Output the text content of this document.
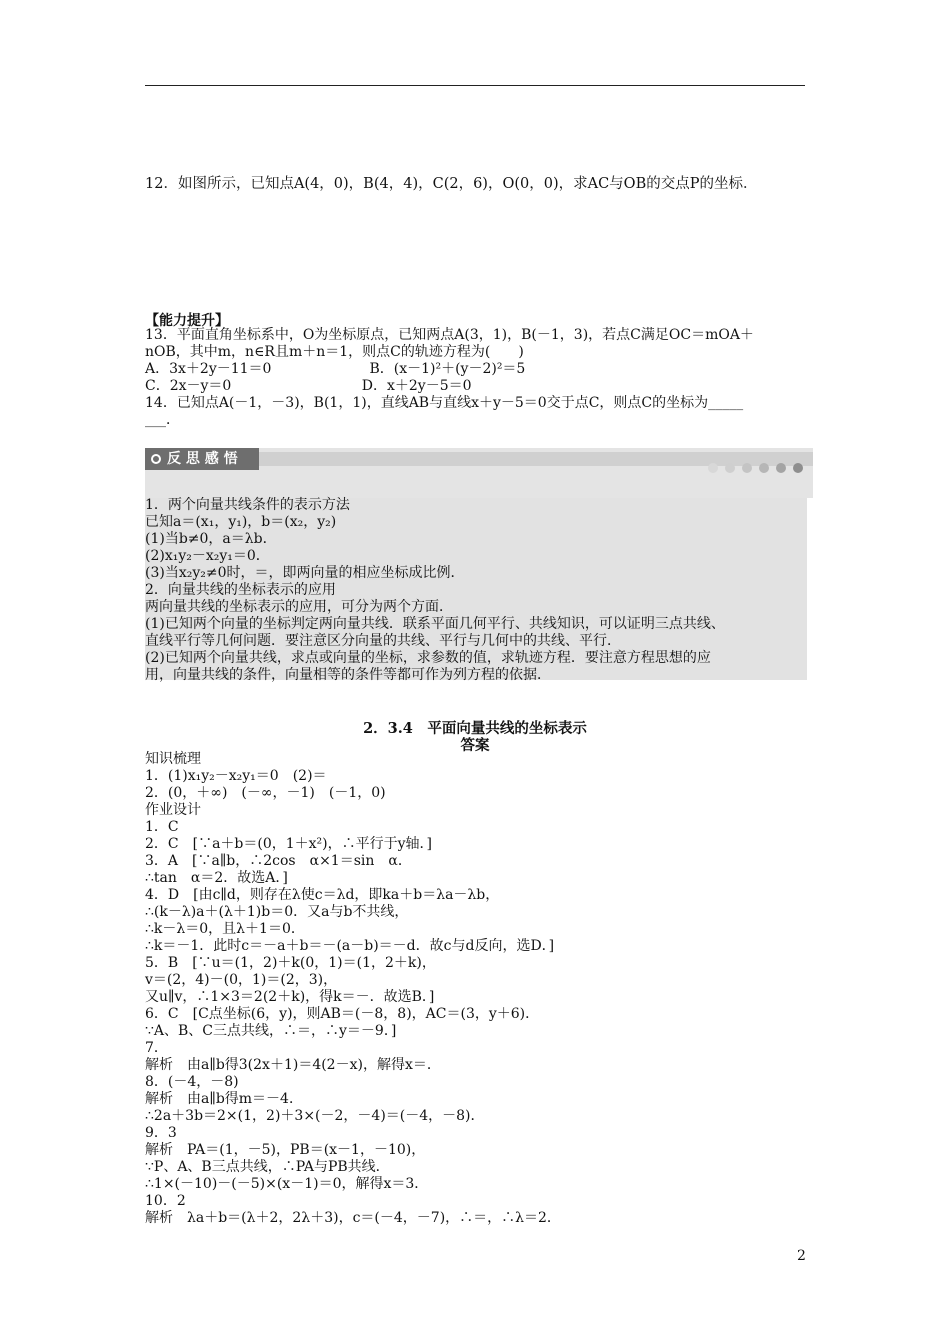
12．如图所示，已知点A(4，0)，B(4，4)，C(2，6)，O(0，0)，求AC与OB的交点P的坐标．
【能力提升】
13．平面直角坐标系中，O为坐标原点，已知两点A(3，1)，B(－1，3)，若点C满足OC＝mOA＋
nOB，其中m，n∈R且m＋n＝1，则点C的轨迹方程为(　　)
A．3x＋2y－11＝0　　　　　　　B．(x－1)²＋(y－2)²＝5
C．2x－y＝0　　　　　　　　　 D．x＋2y－5＝0
14．已知点A(－1，－3)，B(1，1)，直线AB与直线x＋y－5＝0交于点C，则点C的坐标为_____
___．
反 思 感 悟
1．两个向量共线条件的表示方法
已知a＝(x₁，y₁)，b＝(x₂，y₂)
(1)当b≠0，a＝λb．
(2)x₁y₂－x₂y₁＝0．
(3)当x₂y₂≠0时，＝，即两向量的相应坐标成比例．
2．向量共线的坐标表示的应用
两向量共线的坐标表示的应用，可分为两个方面．
(1)已知两个向量的坐标判定两向量共线．联系平面几何平行、共线知识，可以证明三点共线、
直线平行等几何问题．要注意区分向量的共线、平行与几何中的共线、平行．
(2)已知两个向量共线，求点或向量的坐标，求参数的值，求轨迹方程．要注意方程思想的应
用，向量共线的条件，向量相等的条件等都可作为列方程的依据．
2．3.4　平面向量共线的坐标表示
答案
知识梳理
1．(1)x₁y₂－x₂y₁＝0　(2)＝
2．(0，＋∞)　(－∞，－1)　(－1，0)
作业设计
1．C
2．C　[∵a＋b＝(0，1＋x²)，∴平行于y轴．]
3．A　[∵a∥b，∴2cos　α×1＝sin　α．
∴tan　α＝2．故选A．]
4．D　[由c∥d，则存在λ使c＝λd，即ka＋b＝λa－λb，
∴(k－λ)a＋(λ＋1)b＝0．又a与b不共线，
∴k－λ＝0，且λ＋1＝0．
∴k＝－1．此时c＝－a＋b＝－(a－b)＝－d．故c与d反向，选D．]
5．B　[∵u＝(1，2)＋k(0，1)＝(1，2＋k)，
v＝(2，4)－(0，1)＝(2，3)，
又u∥v，∴1×3＝2(2＋k)，得k＝－．故选B．]
6．C　[C点坐标(6，y)，则AB＝(－8，8)，AC＝(3，y＋6)．
∵A、B、C三点共线，∴＝，∴y＝－9．]
7．
解析　由a∥b得3(2x＋1)＝4(2－x)，解得x＝．
8．(－4，－8)
解析　由a∥b得m＝－4．
∴2a＋3b＝2×(1，2)＋3×(－2，－4)＝(－4，－8)．
9．3
解析　PA＝(1，－5)，PB＝(x－1，－10)，
∵P、A、B三点共线，∴PA与PB共线．
∴1×(－10)－(－5)×(x－1)＝0，解得x＝3．
10．2
解析　λa＋b＝(λ＋2，2λ＋3)，c＝(－4，－7)，∴＝，∴λ＝2．
2
